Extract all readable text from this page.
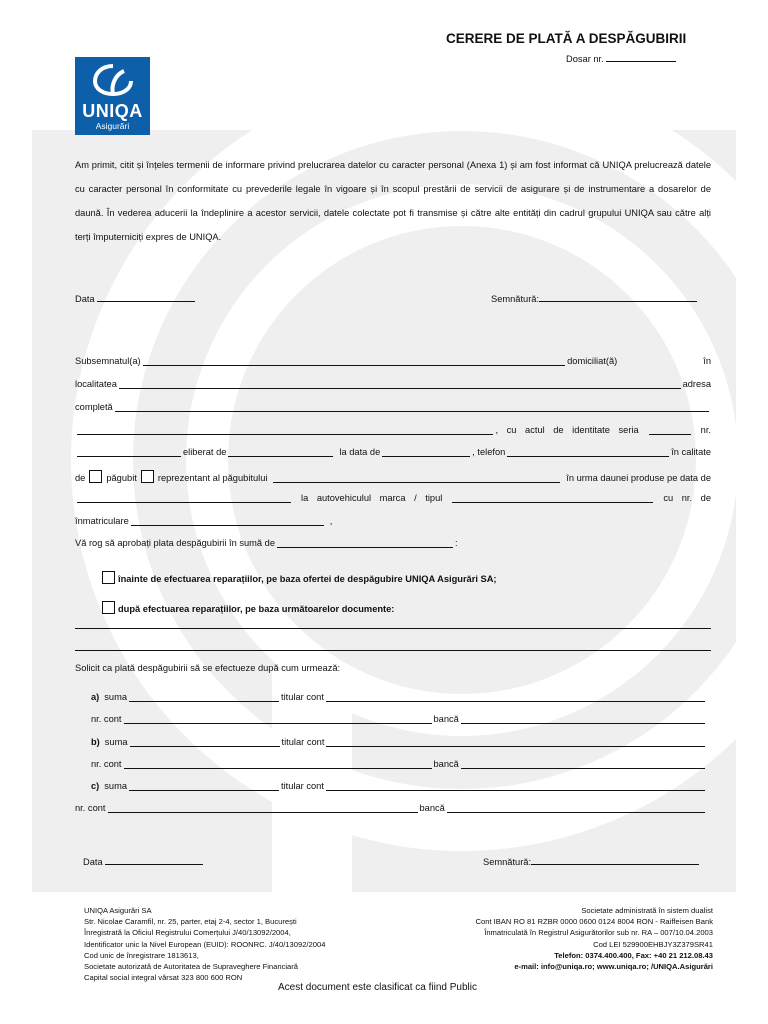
UNIQA
Asigurări
CERERE DE PLATĂ A DESPĂGUBIRII
Dosar nr.
Am primit, citit și înțeles termenii de informare privind prelucrarea datelor cu caracter personal (Anexa 1) și am fost informat că UNIQA prelucrează datele cu caracter personal în conformitate cu prevederile legale în vigoare și în scopul prestării de servicii de asigurare și de instrumentare a dosarelor de daună. În vederea aducerii la îndeplinire a acestor servicii, datele colectate pot fi transmise și către alte entități din cadrul grupului UNIQA sau către alți terți împuterniciți expres de UNIQA.
Data	Semnătură:
Subsemnatul(a)	domiciliat(ă)	în
localitatea	adresa
completă
, cu actul de identitate seria	nr.
eliberat de	la data de	, telefon	în calitate
de păgubit reprezentant al păgubitului	în urma daunei produse pe data de
la autovehiculul marca / tipul	cu nr. de
înmatriculare	,
Vă rog să aprobați plata despăgubirii în sumă de	:
înainte de efectuarea reparațiilor, pe baza ofertei de despăgubire UNIQA Asigurări SA;
după efectuarea reparațiilor, pe baza următoarelor documente:
Solicit ca plată despăgubirii să se efectueze după cum urmează:
a) suma	titular cont
nr. cont	bancă
b) suma	titular cont
nr. cont	bancă
c) suma	titular cont
nr. cont	bancă
Data	Semnătură:
UNIQA Asigurări SA
Str. Nicolae Caramfil, nr. 25, parter, etaj 2-4, sector 1, București
Înregistrată la Oficiul Registrului Comerțului J/40/13092/2004,
Identificator unic la Nivel European (EUID): ROONRC. J/40/13092/2004
Cod unic de înregistrare 1813613,
Societate autorizată de Autoritatea de Supraveghere Financiară
Capital social integral vărsat 323 800 600 RON
Societate administrată în sistem dualist
Cont IBAN RO 81 RZBR 0000 0600 0124 8004 RON - Raiffeisen Bank
Înmatriculată în Registrul Asigurătorilor sub nr. RA – 007/10.04.2003
Cod LEI 529900EHBJY3Z379SR41
Telefon: 0374.400.400, Fax: +40 21 212.08.43
e-mail: info@uniqa.ro; www.uniqa.ro; /UNIQA.Asigurări
Acest document este clasificat ca fiind Public
